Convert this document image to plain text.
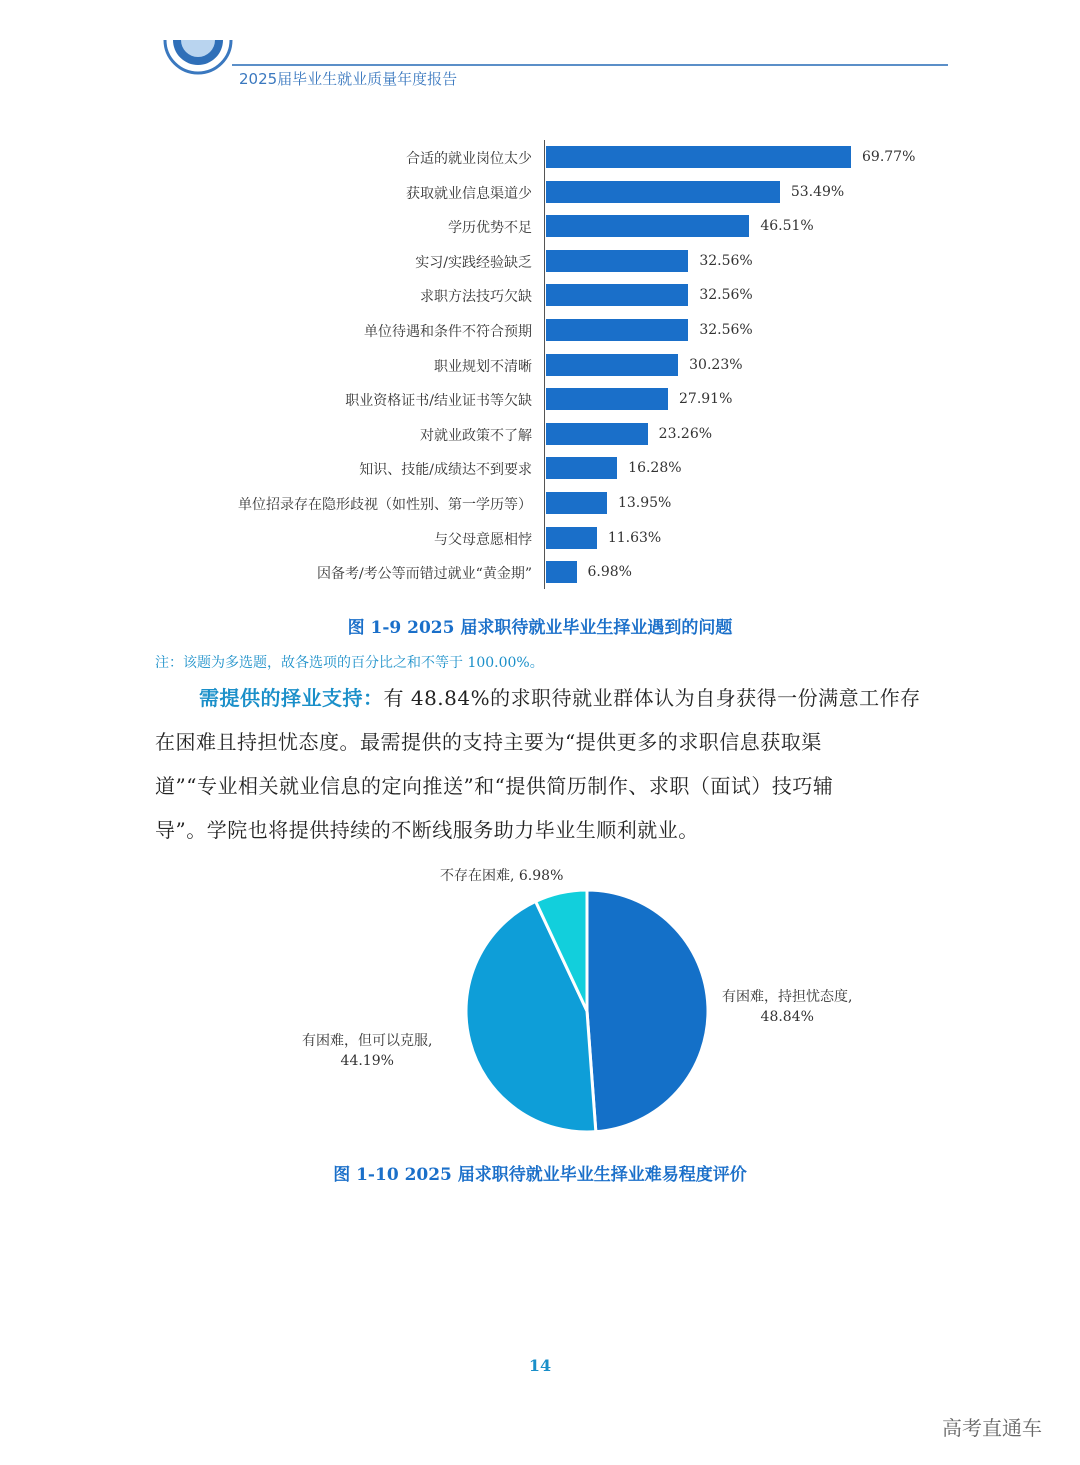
2025届毕业生就业质量年度报告
合适的就业岗位太少	69.77%
获取就业信息渠道少	53.49%
学历优势不足	46.51%
实习/实践经验缺乏	32.56%
求职方法技巧欠缺	32.56%
单位待遇和条件不符合预期	32.56%
职业规划不清晰	30.23%
职业资格证书/结业证书等欠缺	27.91%
对就业政策不了解	23.26%
知识、技能/成绩达不到要求	16.28%
单位招录存在隐形歧视（如性别、第一学历等）	13.95%
与父母意愿相悖	11.63%
因备考/考公等而错过就业“黄金期”	6.98%
图 1-9 2025 届求职待就业毕业生择业遇到的问题
注：该题为多选题，故各选项的百分比之和不等于 100.00%。
需提供的择业支持：有 48.84%的求职待就业群体认为自身获得一份满意工作存
在困难且持担忧态度。最需提供的支持主要为“提供更多的求职信息获取渠
道”“专业相关就业信息的定向推送”和“提供简历制作、求职（面试）技巧辅
导”。学院也将提供持续的不断线服务助力毕业生顺利就业。
不存在困难, 6.98%
有困难，持担忧态度,
48.84%
有困难，但可以克服,
44.19%
图 1-10 2025 届求职待就业毕业生择业难易程度评价
14
高考直通车
